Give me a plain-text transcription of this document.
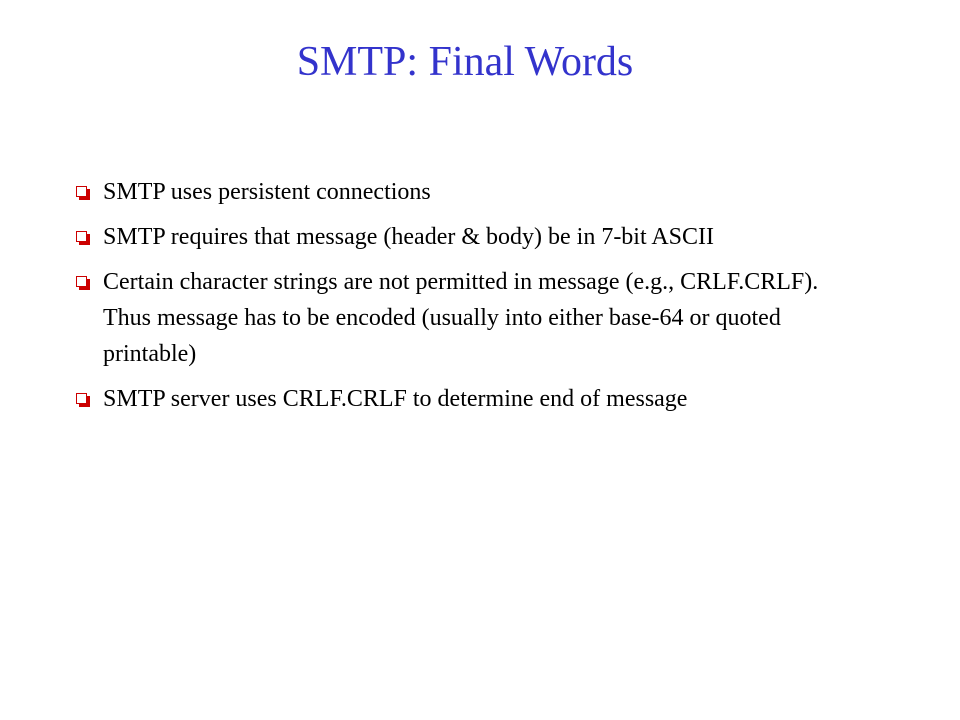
SMTP: Final Words
SMTP uses persistent connections
SMTP requires that message (header & body) be in 7-bit ASCII
Certain character strings are not permitted in message (e.g., CRLF.CRLF). Thus message has to be encoded (usually into either base-64 or quoted printable)
SMTP server uses CRLF.CRLF to determine end of message
